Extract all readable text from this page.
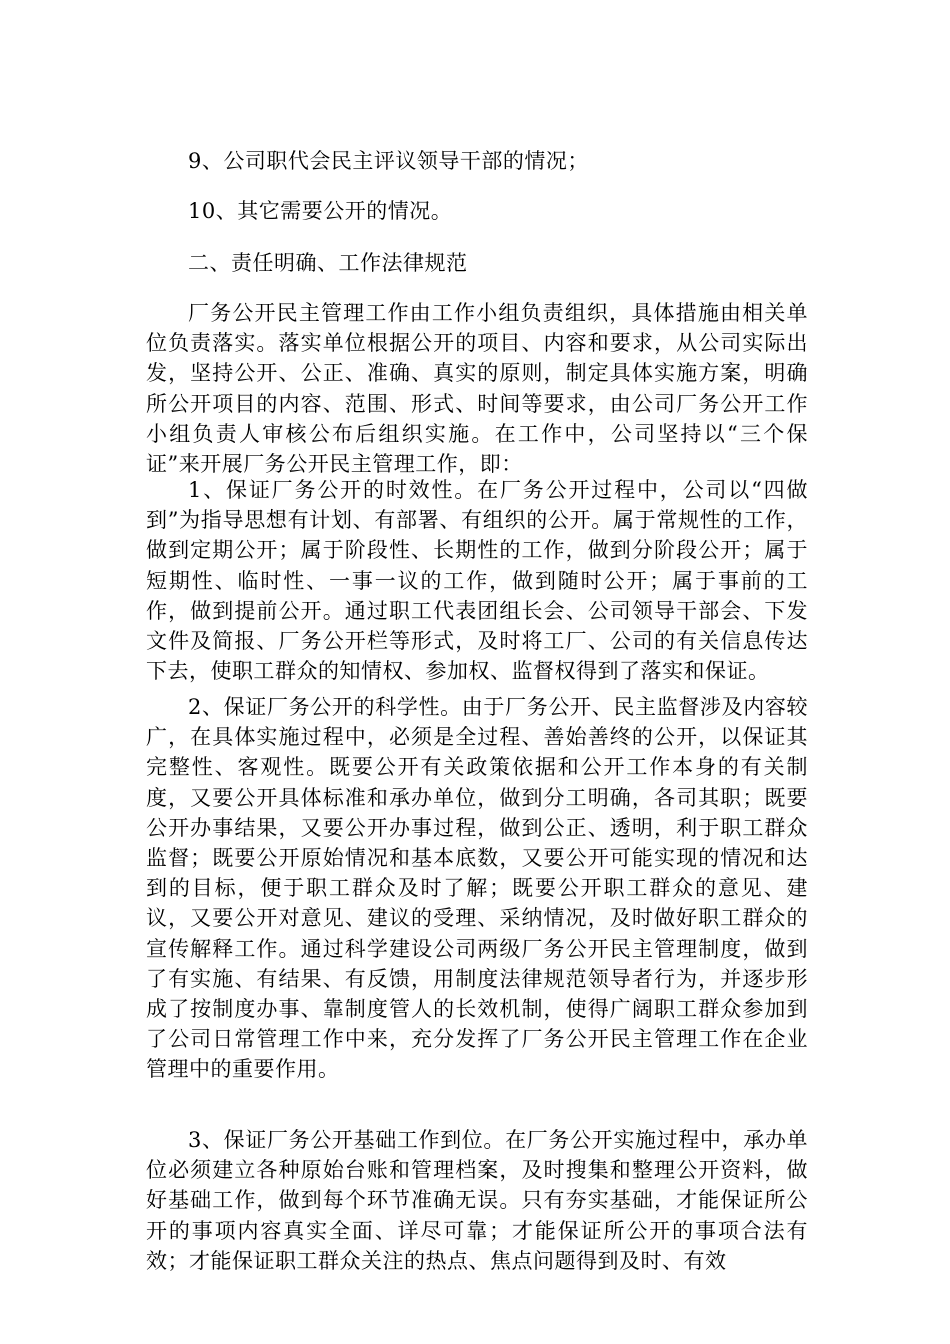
9、公司职代会民主评议领导干部的情况；

10、其它需要公开的情况。

二、责任明确、工作法律规范

厂务公开民主管理工作由工作小组负责组织，具体措施由相关单位负责落实。落实单位根据公开的项目、内容和要求，从公司实际出发，坚持公开、公正、准确、真实的原则，制定具体实施方案，明确所公开项目的内容、范围、形式、时间等要求，由公司厂务公开工作小组负责人审核公布后组织实施。在工作中，公司坚持以“三个保证”来开展厂务公开民主管理工作，即：

1、保证厂务公开的时效性。在厂务公开过程中，公司以“四做到”为指导思想有计划、有部署、有组织的公开。属于常规性的工作，做到定期公开；属于阶段性、长期性的工作，做到分阶段公开；属于短期性、临时性、一事一议的工作，做到随时公开；属于事前的工作，做到提前公开。通过职工代表团组长会、公司领导干部会、下发文件及简报、厂务公开栏等形式，及时将工厂、公司的有关信息传达下去，使职工群众的知情权、参加权、监督权得到了落实和保证。

2、保证厂务公开的科学性。由于厂务公开、民主监督涉及内容较广，在具体实施过程中，必须是全过程、善始善终的公开，以保证其完整性、客观性。既要公开有关政策依据和公开工作本身的有关制度，又要公开具体标准和承办单位，做到分工明确，各司其职；既要公开办事结果，又要公开办事过程，做到公正、透明，利于职工群众监督；既要公开原始情况和基本底数，又要公开可能实现的情况和达到的目标，便于职工群众及时了解；既要公开职工群众的意见、建议，又要公开对意见、建议的受理、采纳情况，及时做好职工群众的宣传解释工作。通过科学建设公司两级厂务公开民主管理制度，做到了有实施、有结果、有反馈，用制度法律规范领导者行为，并逐步形成了按制度办事、靠制度管人的长效机制，使得广阔职工群众参加到了公司日常管理工作中来，充分发挥了厂务公开民主管理工作在企业管理中的重要作用。

3、保证厂务公开基础工作到位。在厂务公开实施过程中，承办单位必须建立各种原始台账和管理档案，及时搜集和整理公开资料，做好基础工作，做到每个环节准确无误。只有夯实基础，才能保证所公开的事项内容真实全面、详尽可靠；才能保证所公开的事项合法有效；才能保证职工群众关注的热点、焦点问题得到及时、有效
